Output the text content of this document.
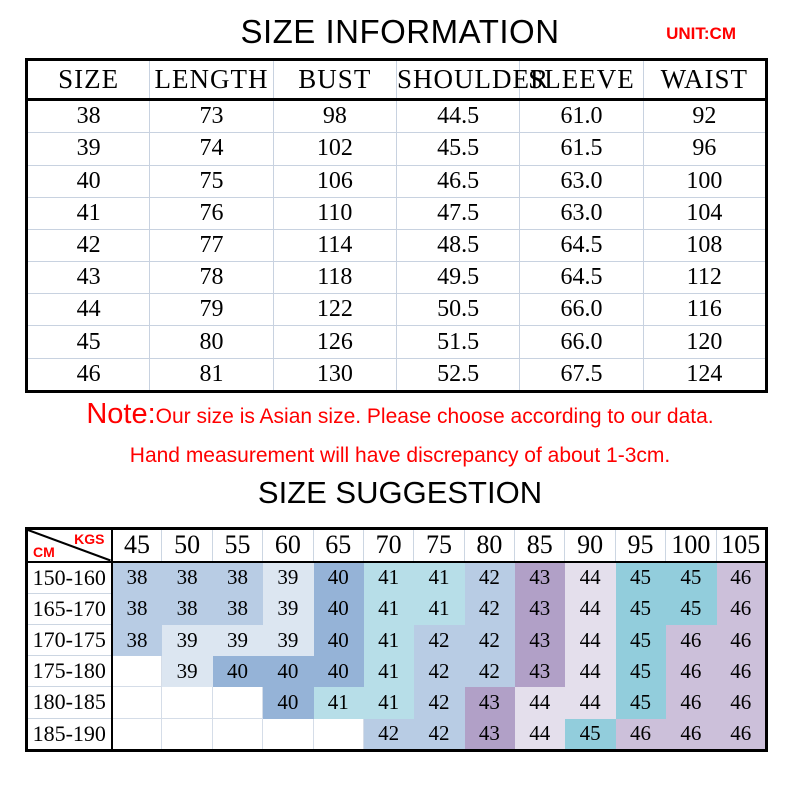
SIZE INFORMATION	UNIT:CM
SIZE	LENGTH	BUST	SHOULDER	SLEEVE	WAIST
38	73	98	44.5	61.0	92
39	74	102	45.5	61.5	96
40	75	106	46.5	63.0	100
41	76	110	47.5	63.0	104
42	77	114	48.5	64.5	108
43	78	118	49.5	64.5	112
44	79	122	50.5	66.0	116
45	80	126	51.5	66.0	120
46	81	130	52.5	67.5	124
Note:Our size is Asian size. Please choose according to our data.
Hand measurement will have discrepancy of about 1-3cm.
SIZE SUGGESTION
KGS
CM	45	50	55	60	65	70	75	80	85	90	95	100	105
150-160	38	38	38	39	40	41	41	42	43	44	45	45	46
165-170	38	38	38	39	40	41	41	42	43	44	45	45	46
170-175	38	39	39	39	40	41	42	42	43	44	45	46	46
175-180		39	40	40	40	41	42	42	43	44	45	46	46
180-185				40	41	41	42	43	44	44	45	46	46
185-190						42	42	43	44	45	46	46	46
